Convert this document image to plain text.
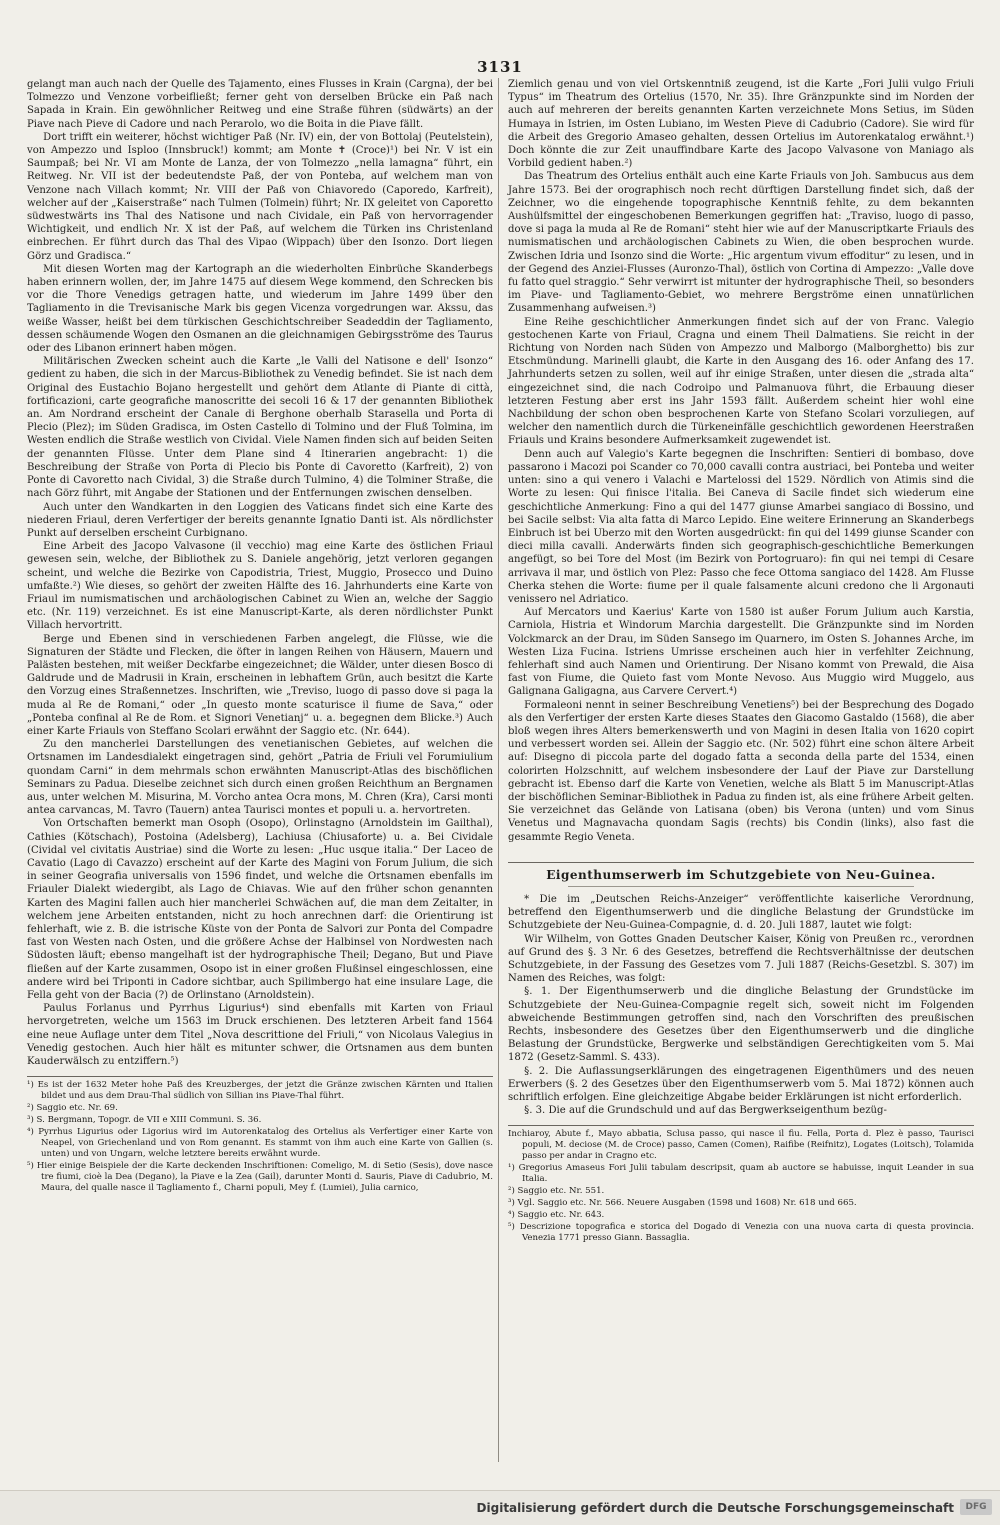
3131

gelangt man auch nach der Quelle des Tajamento, eines Flusses in Krain (Cargna), der bei Tolmezzo und Venzone vorbeifließt; ferner geht von derselben Brücke ein Paß nach Sapada in Krain. Ein gewöhnlicher Reitweg und eine Straße führen (südwärts) an der Piave nach Pieve di Cadore und nach Perarolo, wo die Boita in die Piave fällt.

Dort trifft ein weiterer, höchst wichtiger Paß (Nr. IV) ein, der von Bottolaj (Peutelstein), von Ampezzo und Isploo (Innsbruck!) kommt; am Monte ✝ (Croce)¹) bei Nr. V ist ein Saumpaß; bei Nr. VI am Monte de Lanza, der von Tolmezzo „nella lamagna“ führt, ein Reitweg. Nr. VII ist der bedeutendste Paß, der von Ponteba, auf welchem man von Venzone nach Villach kommt; Nr. VIII der Paß von Chiavoredo (Caporedo, Karfreit), welcher auf der „Kaiserstraße“ nach Tulmen (Tolmein) führt; Nr. IX geleitet von Caporetto südwestwärts ins Thal des Natisone und nach Cividale, ein Paß von hervorragender Wichtigkeit, und endlich Nr. X ist der Paß, auf welchem die Türken ins Christenland einbrechen. Er führt durch das Thal des Vipao (Wippach) über den Isonzo. Dort liegen Görz und Gradisca.“

Mit diesen Worten mag der Kartograph an die wiederholten Einbrüche Skanderbegs haben erinnern wollen, der, im Jahre 1475 auf diesem Wege kommend, den Schrecken bis vor die Thore Venedigs getragen hatte, und wiederum im Jahre 1499 über den Tagliamento in die Trevisanische Mark bis gegen Vicenza vorgedrungen war. Akssu, das weiße Wasser, heißt bei dem türkischen Geschichtschreiber Seadeddin der Tagliamento, dessen schäumende Wogen den Osmanen an die gleichnamigen Gebirgsströme des Taurus oder des Libanon erinnert haben mögen.

Militärischen Zwecken scheint auch die Karte „le Valli del Natisone e dell' Isonzo“ gedient zu haben, die sich in der Marcus-Bibliothek zu Venedig befindet. Sie ist nach dem Original des Eustachio Bojano hergestellt und gehört dem Atlante di Piante di città, fortificazioni, carte geografiche manoscritte dei secoli 16 & 17 der genannten Bibliothek an. Am Nordrand erscheint der Canale di Berghone oberhalb Starasella und Porta di Plecio (Plez); im Süden Gradisca, im Osten Castello di Tolmino und der Fluß Tolmina, im Westen endlich die Straße westlich von Cividal. Viele Namen finden sich auf beiden Seiten der genannten Flüsse. Unter dem Plane sind 4 Itinerarien angebracht: 1) die Beschreibung der Straße von Porta di Plecio bis Ponte di Cavoretto (Karfreit), 2) von Ponte di Cavoretto nach Cividal, 3) die Straße durch Tulmino, 4) die Tolminer Straße, die nach Görz führt, mit Angabe der Stationen und der Entfernungen zwischen denselben.

Auch unter den Wandkarten in den Loggien des Vaticans findet sich eine Karte des niederen Friaul, deren Verfertiger der bereits genannte Ignatio Danti ist. Als nördlichster Punkt auf derselben erscheint Curbignano.

Eine Arbeit des Jacopo Valvasone (il vecchio) mag eine Karte des östlichen Friaul gewesen sein, welche, der Bibliothek zu S. Daniele angehörig, jetzt verloren gegangen scheint, und welche die Bezirke von Capodistria, Triest, Muggio, Prosecco und Duino umfaßte.²) Wie dieses, so gehört der zweiten Hälfte des 16. Jahrhunderts eine Karte von Friaul im numismatischen und archäologischen Cabinet zu Wien an, welche der Saggio etc. (Nr. 119) verzeichnet. Es ist eine Manuscript-Karte, als deren nördlichster Punkt Villach hervortritt.

Berge und Ebenen sind in verschiedenen Farben angelegt, die Flüsse, wie die Signaturen der Städte und Flecken, die öfter in langen Reihen von Häusern, Mauern und Palästen bestehen, mit weißer Deckfarbe eingezeichnet; die Wälder, unter diesen Bosco di Galdrude und de Madrusii in Krain, erscheinen in lebhaftem Grün, auch besitzt die Karte den Vorzug eines Straßennetzes. Inschriften, wie „Treviso, luogo di passo dove si paga la muda al Re de Romani,“ oder „In questo monte scaturisce il fiume de Sava,“ oder „Ponteba confinal al Re de Rom. et Signori Venetianj“ u. a. begegnen dem Blicke.³) Auch einer Karte Friauls von Steffano Scolari erwähnt der Saggio etc. (Nr. 644).

Zu den mancherlei Darstellungen des venetianischen Gebietes, auf welchen die Ortsnamen im Landesdialekt eingetragen sind, gehört „Patria de Friuli vel Forumiulium quondam Carni“ in dem mehrmals schon erwähnten Manuscript-Atlas des bischöflichen Seminars zu Padua. Dieselbe zeichnet sich durch einen großen Reichthum an Bergnamen aus, unter welchen M. Misurina, M. Vorcho antea Ocra mons, M. Chren (Kra), Carsi monti antea carvancas, M. Tavro (Tauern) antea Taurisci montes et populi u. a. hervortreten.

Von Ortschaften bemerkt man Osoph (Osopo), Orlinstagno (Arnoldstein im Gailthal), Cathies (Kötschach), Postoina (Adelsberg), Lachiusa (Chiusaforte) u. a. Bei Cividale (Cividal vel civitatis Austriae) sind die Worte zu lesen: „Huc usque italia.“ Der Laceo de Cavatio (Lago di Cavazzo) erscheint auf der Karte des Magini von Forum Julium, die sich in seiner Geografia universalis von 1596 findet, und welche die Ortsnamen ebenfalls im Friauler Dialekt wiedergibt, als Lago de Chiavas. Wie auf den früher schon genannten Karten des Magini fallen auch hier mancherlei Schwächen auf, die man dem Zeitalter, in welchem jene Arbeiten entstanden, nicht zu hoch anrechnen darf: die Orientirung ist fehlerhaft, wie z. B. die istrische Küste von der Ponta de Salvori zur Ponta del Compadre fast von Westen nach Osten, und die größere Achse der Halbinsel von Nordwesten nach Südosten läuft; ebenso mangelhaft ist der hydrographische Theil; Degano, But und Piave fließen auf der Karte zusammen, Osopo ist in einer großen Flußinsel eingeschlossen, eine andere wird bei Triponti in Cadore sichtbar, auch Spilimbergo hat eine insulare Lage, die Fella geht von der Bacia (?) de Orlinstano (Arnoldstein).

Paulus Forlanus und Pyrrhus Ligurius⁴) sind ebenfalls mit Karten von Friaul hervorgetreten, welche um 1563 im Druck erschienen. Des letzteren Arbeit fand 1564 eine neue Auflage unter dem Titel „Nova descrittione del Friuli,“ von Nicolaus Valegius in Venedig gestochen. Auch hier hält es mitunter schwer, die Ortsnamen aus dem bunten Kauderwälsch zu entziffern.⁵)

¹) Es ist der 1632 Meter hohe Paß des Kreuzberges, der jetzt die Gränze zwischen Kärnten und Italien bildet und aus dem Drau-Thal südlich von Sillian ins Piave-Thal führt.
²) Saggio etc. Nr. 69.
³) S. Bergmann, Topogr. de VII e XIII Communi. S. 36.
⁴) Pyrrhus Ligurius oder Ligorius wird im Autorenkatalog des Ortelius als Verfertiger einer Karte von Neapel, von Griechenland und von Rom genannt. Es stammt von ihm auch eine Karte von Gallien (s. unten) und von Ungarn, welche letztere bereits erwähnt wurde.
⁵) Hier einige Beispiele der die Karte deckenden Inschriftionen: Comeligo, M. di Setio (Sesis), dove nasce tre fiumi, cioè la Dea (Degano), la Piave e la Zea (Gail), darunter Monti d. Sauris, Piave di Cadubrio, M. Maura, del qualle nasce il Tagliamento f., Charni populi, Mey f. (Lumiei), Julia carnico,

Ziemlich genau und von viel Ortskenntniß zeugend, ist die Karte „Fori Julii vulgo Friuli Typus“ im Theatrum des Ortelius (1570, Nr. 35). Ihre Gränzpunkte sind im Norden der auch auf mehreren der bereits genannten Karten verzeichnete Mons Setius, im Süden Humaya in Istrien, im Osten Lubiano, im Westen Pieve di Cadubrio (Cadore). Sie wird für die Arbeit des Gregorio Amaseo gehalten, dessen Ortelius im Autorenkatalog erwähnt.¹) Doch könnte die zur Zeit unauffindbare Karte des Jacopo Valvasone von Maniago als Vorbild gedient haben.²)

Das Theatrum des Ortelius enthält auch eine Karte Friauls von Joh. Sambucus aus dem Jahre 1573. Bei der orographisch noch recht dürftigen Darstellung findet sich, daß der Zeichner, wo die eingehende topographische Kenntniß fehlte, zu dem bekannten Aushülfsmittel der eingeschobenen Bemerkungen gegriffen hat: „Traviso, luogo di passo, dove si paga la muda al Re de Romani“ steht hier wie auf der Manuscriptkarte Friauls des numismatischen und archäologischen Cabinets zu Wien, die oben besprochen wurde. Zwischen Idria und Isonzo sind die Worte: „Hic argentum vivum effoditur“ zu lesen, und in der Gegend des Anziei-Flusses (Auronzo-Thal), östlich von Cortina di Ampezzo: „Valle dove fu fatto quel straggio.“ Sehr verwirrt ist mitunter der hydrographische Theil, so besonders im Piave- und Tagliamento-Gebiet, wo mehrere Bergströme einen unnatürlichen Zusammenhang aufweisen.³)

Eine Reihe geschichtlicher Anmerkungen findet sich auf der von Franc. Valegio gestochenen Karte von Friaul, Cragna und einem Theil Dalmatiens. Sie reicht in der Richtung von Norden nach Süden von Ampezzo und Malborgo (Malborghetto) bis zur Etschmündung. Marinelli glaubt, die Karte in den Ausgang des 16. oder Anfang des 17. Jahrhunderts setzen zu sollen, weil auf ihr einige Straßen, unter diesen die „strada alta“ eingezeichnet sind, die nach Codroipo und Palmanuova führt, die Erbauung dieser letzteren Festung aber erst ins Jahr 1593 fällt. Außerdem scheint hier wohl eine Nachbildung der schon oben besprochenen Karte von Stefano Scolari vorzuliegen, auf welcher den namentlich durch die Türkeneinfälle geschichtlich gewordenen Heerstraßen Friauls und Krains besondere Aufmerksamkeit zugewendet ist.

Denn auch auf Valegio's Karte begegnen die Inschriften: Sentieri di bombaso, dove passarono i Macozi poi Scander co 70,000 cavalli contra austriaci, bei Ponteba und weiter unten: sino a qui venero i Valachi e Martelossi del 1529. Nördlich von Atimis sind die Worte zu lesen: Qui finisce l'italia. Bei Caneva di Sacile findet sich wiederum eine geschichtliche Anmerkung: Fino a qui del 1477 giunse Amarbei sangiaco di Bossino, und bei Sacile selbst: Via alta fatta di Marco Lepido. Eine weitere Erinnerung an Skanderbegs Einbruch ist bei Uberzo mit den Worten ausgedrückt: fin qui del 1499 giunse Scander con dieci milla cavalli. Anderwärts finden sich geographisch-geschichtliche Bemerkungen angefügt, so bei Tore del Most (im Bezirk von Portogruaro): fin qui nei tempi di Cesare arrivava il mar, und östlich von Plez: Passo che fece Ottoma sangiaco del 1428. Am Flusse Cherka stehen die Worte: fiume per il quale falsamente alcuni credono che li Argonauti venissero nel Adriatico.

Auf Mercators und Kaerius' Karte von 1580 ist außer Forum Julium auch Karstia, Carniola, Histria et Windorum Marchia dargestellt. Die Gränzpunkte sind im Norden Volckmarck an der Drau, im Süden Sansego im Quarnero, im Osten S. Johannes Arche, im Westen Liza Fucina. Istriens Umrisse erscheinen auch hier in verfehlter Zeichnung, fehlerhaft sind auch Namen und Orientirung. Der Nisano kommt von Prewald, die Aisa fast von Fiume, die Quieto fast vom Monte Nevoso. Aus Muggio wird Muggelo, aus Galignana Galigagna, aus Carvere Cervert.⁴)

Formaleoni nennt in seiner Beschreibung Venetiens⁵) bei der Besprechung des Dogado als den Verfertiger der ersten Karte dieses Staates den Giacomo Gastaldo (1568), die aber bloß wegen ihres Alters bemerkenswerth und von Magini in desen Italia von 1620 copirt und verbessert worden sei. Allein der Saggio etc. (Nr. 502) führt eine schon ältere Arbeit auf: Disegno di piccola parte del dogado fatta a seconda della parte del 1534, einen colorirten Holzschnitt, auf welchem insbesondere der Lauf der Piave zur Darstellung gebracht ist. Ebenso darf die Karte von Venetien, welche als Blatt 5 im Manuscript-Atlas der bischöflichen Seminar-Bibliothek in Padua zu finden ist, als eine frühere Arbeit gelten. Sie verzeichnet das Gelände von Latisana (oben) bis Verona (unten) und vom Sinus Venetus und Magnavacha quondam Sagis (rechts) bis Condin (links), also fast die gesammte Regio Veneta.

Eigenthumserwerb im Schutzgebiete von Neu-Guinea.

* Die im „Deutschen Reichs-Anzeiger“ veröffentlichte kaiserliche Verordnung, betreffend den Eigenthumserwerb und die dingliche Belastung der Grundstücke im Schutzgebiete der Neu-Guinea-Compagnie, d. d. 20. Juli 1887, lautet wie folgt:

Wir Wilhelm, von Gottes Gnaden Deutscher Kaiser, König von Preußen rc., verordnen auf Grund des §. 3 Nr. 6 des Gesetzes, betreffend die Rechtsverhältnisse der deutschen Schutzgebiete, in der Fassung des Gesetzes vom 7. Juli 1887 (Reichs-Gesetzbl. S. 307) im Namen des Reiches, was folgt:

§. 1. Der Eigenthumserwerb und die dingliche Belastung der Grundstücke im Schutzgebiete der Neu-Guinea-Compagnie regelt sich, soweit nicht im Folgenden abweichende Bestimmungen getroffen sind, nach den Vorschriften des preußischen Rechts, insbesondere des Gesetzes über den Eigenthumserwerb und die dingliche Belastung der Grundstücke, Bergwerke und selbständigen Gerechtigkeiten vom 5. Mai 1872 (Gesetz-Samml. S. 433).

§. 2. Die Auflassungserklärungen des eingetragenen Eigenthümers und des neuen Erwerbers (§. 2 des Gesetzes über den Eigenthumserwerb vom 5. Mai 1872) können auch schriftlich erfolgen. Eine gleichzeitige Abgabe beider Erklärungen ist nicht erforderlich.

§. 3. Die auf die Grundschuld und auf das Bergwerkseigenthum bezüg-

Inchiaroy, Abute f., Mayo abbatia, Sclusa passo, qui nasce il fiu. Fella, Porta d. Plez è passo, Taurisci populi, M. deciose (M. de Croce) passo, Camen (Comen), Raifibe (Reifnitz), Logates (Loitsch), Tolamida passo per andar in Cragno etc.
¹) Gregorius Amaseus Fori Julii tabulam descripsit, quam ab auctore se habuisse, inquit Leander in sua Italia.
²) Saggio etc. Nr. 551.
³) Vgl. Saggio etc. Nr. 566. Neuere Ausgaben (1598 und 1608) Nr. 618 und 665.
⁴) Saggio etc. Nr. 643.
⁵) Descrizione topografica e storica del Dogado di Venezia con una nuova carta di questa provincia. Venezia 1771 presso Giann. Bassaglia.
Digitalisierung gefördert durch die Deutsche Forschungsgemeinschaft	DFG
